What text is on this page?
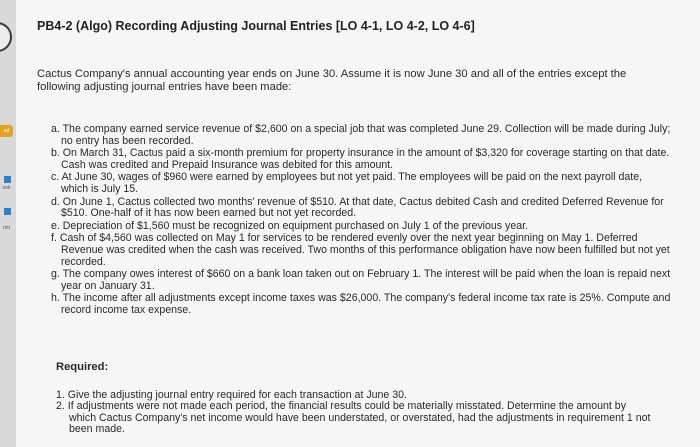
ed
ook
rint
PB4-2 (Algo) Recording Adjusting Journal Entries [LO 4-1, LO 4-2, LO 4-6]
Cactus Company's annual accounting year ends on June 30. Assume it is now June 30 and all of the entries except the following adjusting journal entries have been made:
a. The company earned service revenue of $2,600 on a special job that was completed June 29. Collection will be made during July; no entry has been recorded.
b. On March 31, Cactus paid a six-month premium for property insurance in the amount of $3,320 for coverage starting on that date. Cash was credited and Prepaid Insurance was debited for this amount.
c. At June 30, wages of $960 were earned by employees but not yet paid. The employees will be paid on the next payroll date, which is July 15.
d. On June 1, Cactus collected two months' revenue of $510. At that date, Cactus debited Cash and credited Deferred Revenue for $510. One-half of it has now been earned but not yet recorded.
e. Depreciation of $1,560 must be recognized on equipment purchased on July 1 of the previous year.
f. Cash of $4,560 was collected on May 1 for services to be rendered evenly over the next year beginning on May 1. Deferred Revenue was credited when the cash was received. Two months of this performance obligation have now been fulfilled but not yet recorded.
g. The company owes interest of $660 on a bank loan taken out on February 1. The interest will be paid when the loan is repaid next year on January 31.
h. The income after all adjustments except income taxes was $26,000. The company's federal income tax rate is 25%. Compute and record income tax expense.
Required:
1. Give the adjusting journal entry required for each transaction at June 30.
2. If adjustments were not made each period, the financial results could be materially misstated. Determine the amount by which Cactus Company's net income would have been understated, or overstated, had the adjustments in requirement 1 not been made.
